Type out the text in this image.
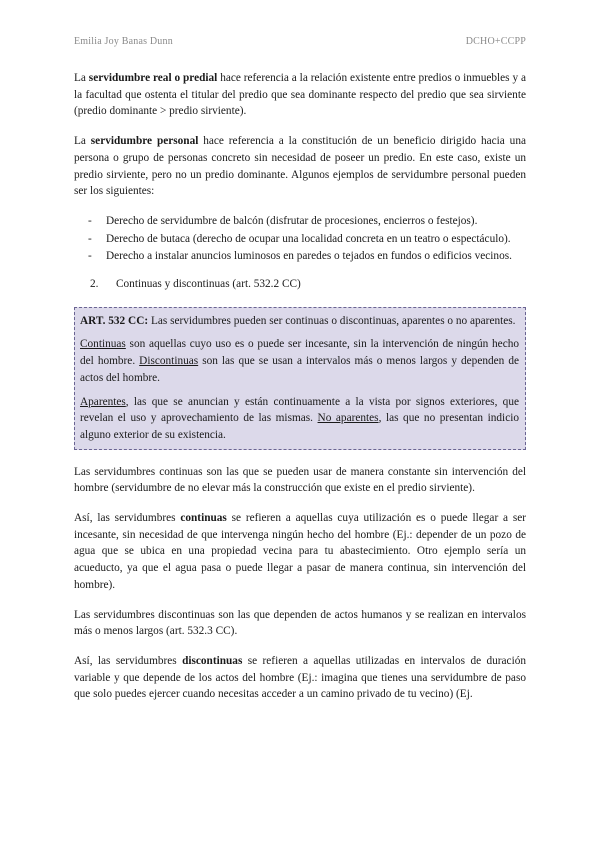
Emilia Joy Banas Dunn	DCHO+CCPP

La servidumbre real o predial hace referencia a la relación existente entre predios o inmuebles y a la facultad que ostenta el titular del predio que sea dominante respecto del predio que sea sirviente (predio dominante > predio sirviente).

La servidumbre personal hace referencia a la constitución de un beneficio dirigido hacia una persona o grupo de personas concreto sin necesidad de poseer un predio. En este caso, existe un predio sirviente, pero no un predio dominante. Algunos ejemplos de servidumbre personal pueden ser los siguientes:

- Derecho de servidumbre de balcón (disfrutar de procesiones, encierros o festejos).
- Derecho de butaca (derecho de ocupar una localidad concreta en un teatro o espectáculo).
- Derecho a instalar anuncios luminosos en paredes o tejados en fundos o edificios vecinos.
2. Continuas y discontinuas (art. 532.2 CC)

ART. 532 CC: Las servidumbres pueden ser continuas o discontinuas, aparentes o no aparentes.

Continuas son aquellas cuyo uso es o puede ser incesante, sin la intervención de ningún hecho del hombre. Discontinuas son las que se usan a intervalos más o menos largos y dependen de actos del hombre.

Aparentes, las que se anuncian y están continuamente a la vista por signos exteriores, que revelan el uso y aprovechamiento de las mismas. No aparentes, las que no presentan indicio alguno exterior de su existencia.

Las servidumbres continuas son las que se pueden usar de manera constante sin intervención del hombre (servidumbre de no elevar más la construcción que existe en el predio sirviente).

Así, las servidumbres continuas se refieren a aquellas cuya utilización es o puede llegar a ser incesante, sin necesidad de que intervenga ningún hecho del hombre (Ej.: depender de un pozo de agua que se ubica en una propiedad vecina para tu abastecimiento. Otro ejemplo sería un acueducto, ya que el agua pasa o puede llegar a pasar de manera continua, sin intervención del hombre).

Las servidumbres discontinuas son las que dependen de actos humanos y se realizan en intervalos más o menos largos (art. 532.3 CC).

Así, las servidumbres discontinuas se refieren a aquellas utilizadas en intervalos de duración variable y que depende de los actos del hombre (Ej.: imagina que tienes una servidumbre de paso que solo puedes ejercer cuando necesitas acceder a un camino privado de tu vecino) (Ej.
